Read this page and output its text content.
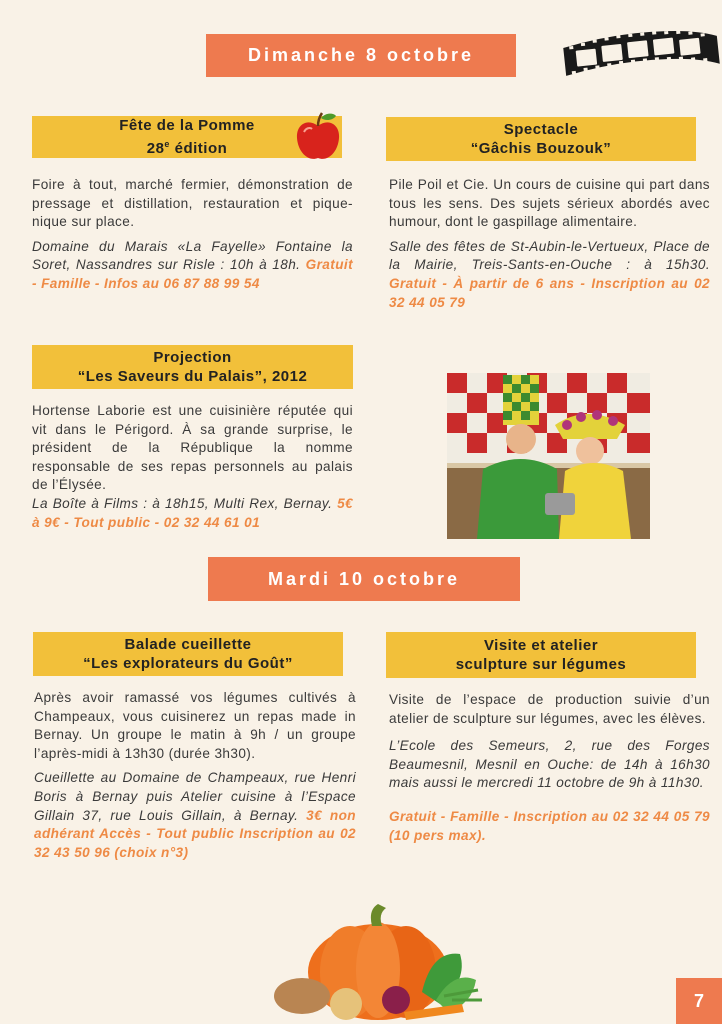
Dimanche 8 octobre
Fête de la Pomme
28e édition

Foire à tout, marché fermier, démonstration de pressage et distillation, restauration et pique-nique sur place.

Domaine du Marais «La Fayelle» Fontaine la Soret, Nassandres sur Risle : 10h à 18h. Gratuit - Famille - Infos au 06 87 88 99 54

Projection
“Les Saveurs du Palais”, 2012

Hortense Laborie est une cuisinière réputée qui vit dans le Périgord. À sa grande surprise, le président de la République la nomme responsable de ses repas personnels au palais de l’Élysée.

La Boîte à Films : à 18h15, Multi Rex, Bernay. 5€ à 9€ - Tout public - 02 32 44 61 01

Spectacle
“Gâchis Bouzouk”

Pile Poil et Cie. Un cours de cuisine qui part dans tous les sens. Des sujets sérieux abordés avec humour, dont le gaspillage alimentaire.

Salle des fêtes de St-Aubin-le-Vertueux, Place de la Mairie, Treis-Sants-en-Ouche : à 15h30. Gratuit - À partir de 6 ans - Inscription au 02 32 44 05 79

Mardi 10 octobre
Balade cueillette
“Les explorateurs du Goût”

Après avoir ramassé vos légumes cultivés à Champeaux, vous cuisinerez un repas made in Bernay. Un groupe le matin à 9h / un groupe l’après-midi à 13h30 (durée 3h30).

Cueillette au Domaine de Champeaux, rue Henri Boris à Bernay puis Atelier cuisine à l’Espace Gillain 37, rue Louis Gillain, à Bernay. 3€ non adhérant Accès - Tout public Inscription au 02 32 43 50 96 (choix n°3)

Visite et atelier
sculpture sur légumes

Visite de l’espace de production suivie d’un atelier de sculpture sur légumes, avec les élèves.

L’Ecole des Semeurs, 2, rue des Forges Beaumesnil, Mesnil en Ouche: de 14h à 16h30 mais aussi le mercredi 11 octobre de 9h à 11h30.

Gratuit - Famille - Inscription au 02 32 44 05 79 (10 pers max).

7
